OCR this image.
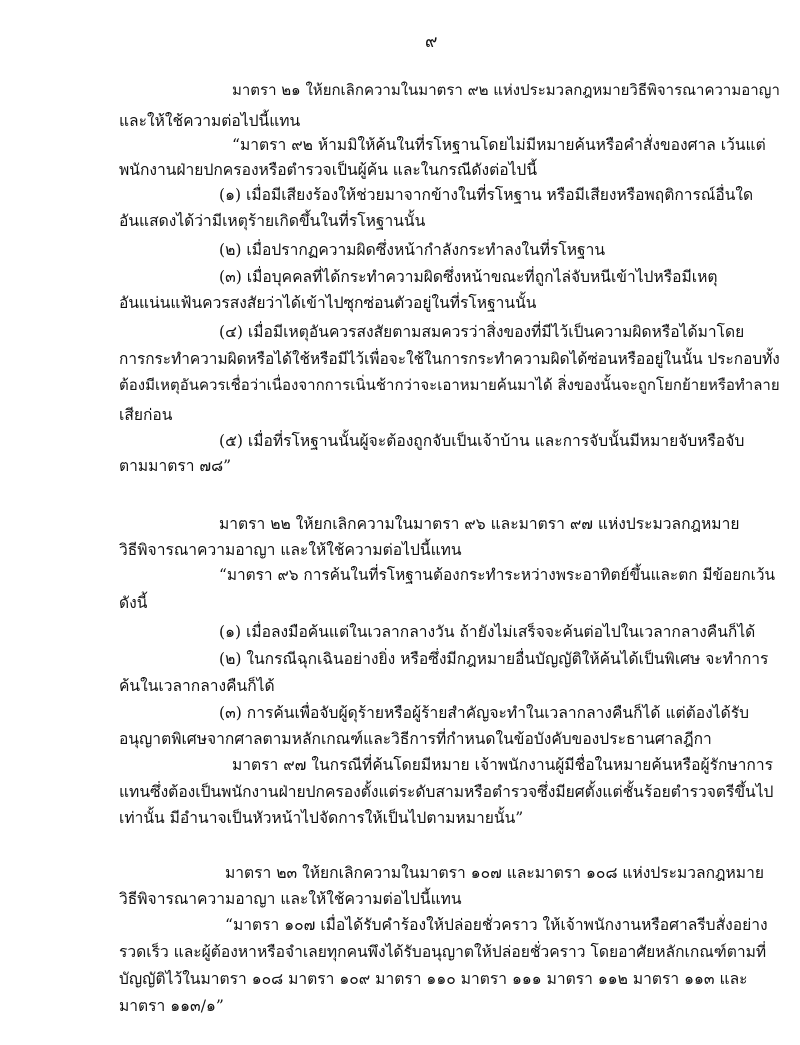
๙
มาตรา ๒๑ ให้ยกเลิกความในมาตรา ๙๒ แห่งประมวลกฎหมายวิธีพิจารณาความอาญา
และให้ใช้ความต่อไปนี้แทน
“มาตรา ๙๒ ห้ามมิให้ค้นในที่รโหฐานโดยไม่มีหมายค้นหรือคำสั่งของศาล เว้นแต่
พนักงานฝ่ายปกครองหรือตำรวจเป็นผู้ค้น และในกรณีดังต่อไปนี้
(๑) เมื่อมีเสียงร้องให้ช่วยมาจากข้างในที่รโหฐาน หรือมีเสียงหรือพฤติการณ์อื่นใด
อันแสดงได้ว่ามีเหตุร้ายเกิดขึ้นในที่รโหฐานนั้น
(๒) เมื่อปรากฏความผิดซึ่งหน้ากำลังกระทำลงในที่รโหฐาน
(๓) เมื่อบุคคลที่ได้กระทำความผิดซึ่งหน้าขณะที่ถูกไล่จับหนีเข้าไปหรือมีเหตุ
อันแน่นแฟ้นควรสงสัยว่าได้เข้าไปซุกซ่อนตัวอยู่ในที่รโหฐานนั้น
(๔) เมื่อมีเหตุอันควรสงสัยตามสมควรว่าสิ่งของที่มีไว้เป็นความผิดหรือได้มาโดย
การกระทำความผิดหรือได้ใช้หรือมีไว้เพื่อจะใช้ในการกระทำความผิดได้ซ่อนหรืออยู่ในนั้น ประกอบทั้ง
ต้องมีเหตุอันควรเชื่อว่าเนื่องจากการเนิ่นช้ากว่าจะเอาหมายค้นมาได้ สิ่งของนั้นจะถูกโยกย้ายหรือทำลาย
เสียก่อน
(๕) เมื่อที่รโหฐานนั้นผู้จะต้องถูกจับเป็นเจ้าบ้าน และการจับนั้นมีหมายจับหรือจับ
ตามมาตรา ๗๘”
มาตรา ๒๒ ให้ยกเลิกความในมาตรา ๙๖ และมาตรา ๙๗ แห่งประมวลกฎหมาย
วิธีพิจารณาความอาญา และให้ใช้ความต่อไปนี้แทน
“มาตรา ๙๖ การค้นในที่รโหฐานต้องกระทำระหว่างพระอาทิตย์ขึ้นและตก มีข้อยกเว้น
ดังนี้
(๑) เมื่อลงมือค้นแต่ในเวลากลางวัน ถ้ายังไม่เสร็จจะค้นต่อไปในเวลากลางคืนก็ได้
(๒) ในกรณีฉุกเฉินอย่างยิ่ง หรือซึ่งมีกฎหมายอื่นบัญญัติให้ค้นได้เป็นพิเศษ จะทำการ
ค้นในเวลากลางคืนก็ได้
(๓) การค้นเพื่อจับผู้ดุร้ายหรือผู้ร้ายสำคัญจะทำในเวลากลางคืนก็ได้ แต่ต้องได้รับ
อนุญาตพิเศษจากศาลตามหลักเกณฑ์และวิธีการที่กำหนดในข้อบังคับของประธานศาลฎีกา
มาตรา ๙๗ ในกรณีที่ค้นโดยมีหมาย เจ้าพนักงานผู้มีชื่อในหมายค้นหรือผู้รักษาการ
แทนซึ่งต้องเป็นพนักงานฝ่ายปกครองตั้งแต่ระดับสามหรือตำรวจซึ่งมียศตั้งแต่ชั้นร้อยตำรวจตรีขึ้นไป
เท่านั้น มีอำนาจเป็นหัวหน้าไปจัดการให้เป็นไปตามหมายนั้น”
มาตรา ๒๓ ให้ยกเลิกความในมาตรา ๑๐๗ และมาตรา ๑๐๘ แห่งประมวลกฎหมาย
วิธีพิจารณาความอาญา และให้ใช้ความต่อไปนี้แทน
“มาตรา ๑๐๗ เมื่อได้รับคำร้องให้ปล่อยชั่วคราว ให้เจ้าพนักงานหรือศาลรีบสั่งอย่าง
รวดเร็ว และผู้ต้องหาหรือจำเลยทุกคนพึงได้รับอนุญาตให้ปล่อยชั่วคราว โดยอาศัยหลักเกณฑ์ตามที่
บัญญัติไว้ในมาตรา ๑๐๘ มาตรา ๑๐๙ มาตรา ๑๑๐ มาตรา ๑๑๑ มาตรา ๑๑๒ มาตรา ๑๑๓ และ
มาตรา ๑๑๓/๑”
